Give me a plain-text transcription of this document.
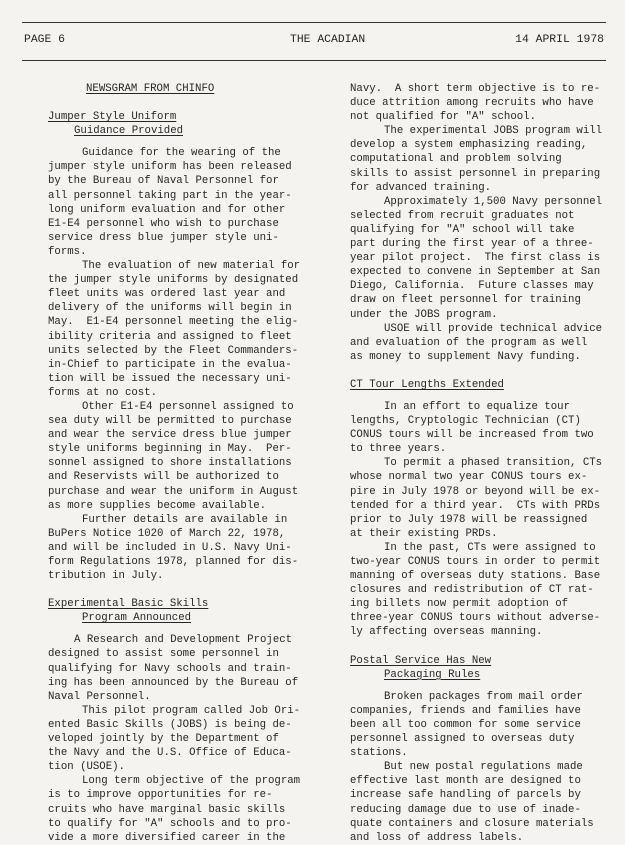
PAGE 6	THE ACADIAN	14 APRIL 1978

NEWSGRAM FROM CHINFO

Jumper Style Uniform

Guidance Provided

Guidance for the wearing of the

jumper style uniform has been released

by the Bureau of Naval Personnel for

all personnel taking part in the year-

long uniform evaluation and for other

E1-E4 personnel who wish to purchase

service dress blue jumper style uni-

forms.

The evaluation of new material for

the jumper style uniforms by designated

fleet units was ordered last year and

delivery of the uniforms will begin in

May.  E1-E4 personnel meeting the elig-

ibility criteria and assigned to fleet

units selected by the Fleet Commanders-

in-Chief to participate in the evalua-

tion will be issued the necessary uni-

forms at no cost.

Other E1-E4 personnel assigned to

sea duty will be permitted to purchase

and wear the service dress blue jumper

style uniforms beginning in May.  Per-

sonnel assigned to shore installations

and Reservists will be authorized to

purchase and wear the uniform in August

as more supplies become available.

Further details are available in

BuPers Notice 1020 of March 22, 1978,

and will be included in U.S. Navy Uni-

form Regulations 1978, planned for dis-

tribution in July.

Experimental Basic Skills

Program Announced

A Research and Development Project

designed to assist some personnel in

qualifying for Navy schools and train-

ing has been announced by the Bureau of

Naval Personnel.

This pilot program called Job Ori-

ented Basic Skills (JOBS) is being de-

veloped jointly by the Department of

the Navy and the U.S. Office of Educa-

tion (USOE).

Long term objective of the program

is to improve opportunities for re-

cruits who have marginal basic skills

to qualify for "A" schools and to pro-

vide a more diversified career in the

Navy.  A short term objective is to re-

duce attrition among recruits who have

not qualified for "A" school.

The experimental JOBS program will

develop a system emphasizing reading,

computational and problem solving

skills to assist personnel in preparing

for advanced training.

Approximately 1,500 Navy personnel

selected from recruit graduates not

qualifying for "A" school will take

part during the first year of a three-

year pilot project.  The first class is

expected to convene in September at San

Diego, California.  Future classes may

draw on fleet personnel for training

under the JOBS program.

USOE will provide technical advice

and evaluation of the program as well

as money to supplement Navy funding.

CT Tour Lengths Extended

In an effort to equalize tour

lengths, Cryptologic Technician (CT)

CONUS tours will be increased from two

to three years.

To permit a phased transition, CTs

whose normal two year CONUS tours ex-

pire in July 1978 or beyond will be ex-

tended for a third year.  CTs with PRDs

prior to July 1978 will be reassigned

at their existing PRDs.

In the past, CTs were assigned to

two-year CONUS tours in order to permit

manning of overseas duty stations. Base

closures and redistribution of CT rat-

ing billets now permit adoption of

three-year CONUS tours without adverse-

ly affecting overseas manning.

Postal Service Has New

Packaging Rules

Broken packages from mail order

companies, friends and families have

been all too common for some service

personnel assigned to overseas duty

stations.

But new postal regulations made

effective last month are designed to

increase safe handling of parcels by

reducing damage due to use of inade-

quate containers and closure materials

and loss of address labels.
